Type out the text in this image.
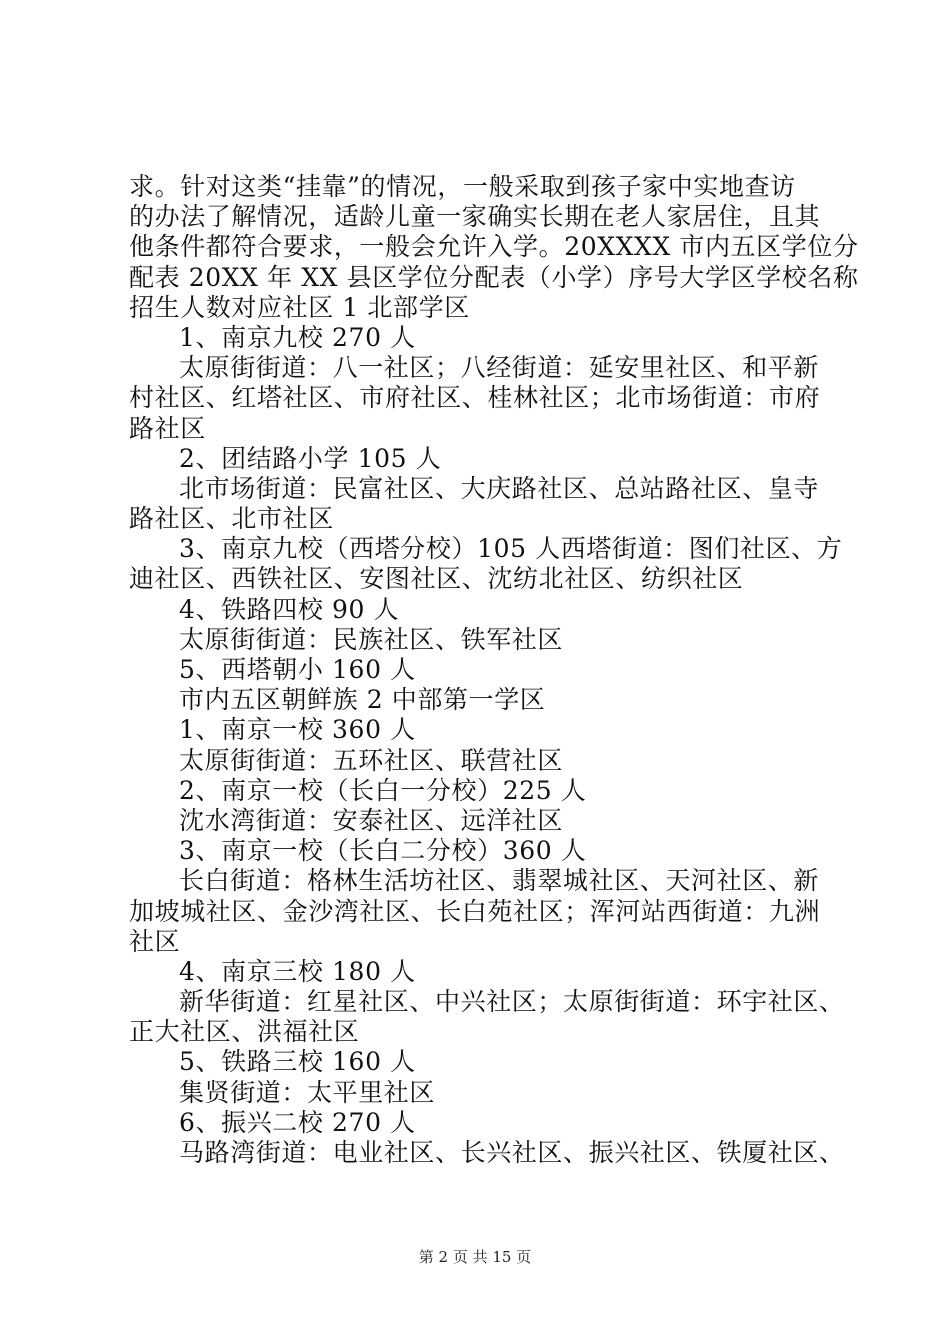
求。针对这类“挂靠”的情况，一般采取到孩子家中实地查访
的办法了解情况，适龄儿童一家确实长期在老人家居住，且其
他条件都符合要求，一般会允许入学。20XXXX 市内五区学位分
配表 20XX 年 XX 县区学位分配表（小学）序号大学区学校名称
招生人数对应社区 1 北部学区
1、南京九校 270 人
太原街街道：八一社区；八经街道：延安里社区、和平新
村社区、红塔社区、市府社区、桂林社区；北市场街道：市府
路社区
2、团结路小学 105 人
北市场街道：民富社区、大庆路社区、总站路社区、皇寺
路社区、北市社区
3、南京九校（西塔分校）105 人西塔街道：图们社区、方
迪社区、西铁社区、安图社区、沈纺北社区、纺织社区
4、铁路四校 90 人
太原街街道：民族社区、铁军社区
5、西塔朝小 160 人
市内五区朝鲜族 2 中部第一学区
1、南京一校 360 人
太原街街道：五环社区、联营社区
2、南京一校（长白一分校）225 人
沈水湾街道：安泰社区、远洋社区
3、南京一校（长白二分校）360 人
长白街道：格林生活坊社区、翡翠城社区、天河社区、新
加坡城社区、金沙湾社区、长白苑社区；浑河站西街道：九洲
社区
4、南京三校 180 人
新华街道：红星社区、中兴社区；太原街街道：环宇社区、
正大社区、洪福社区
5、铁路三校 160 人
集贤街道：太平里社区
6、振兴二校 270 人
马路湾街道：电业社区、长兴社区、振兴社区、铁厦社区、
第 2 页 共 15 页
